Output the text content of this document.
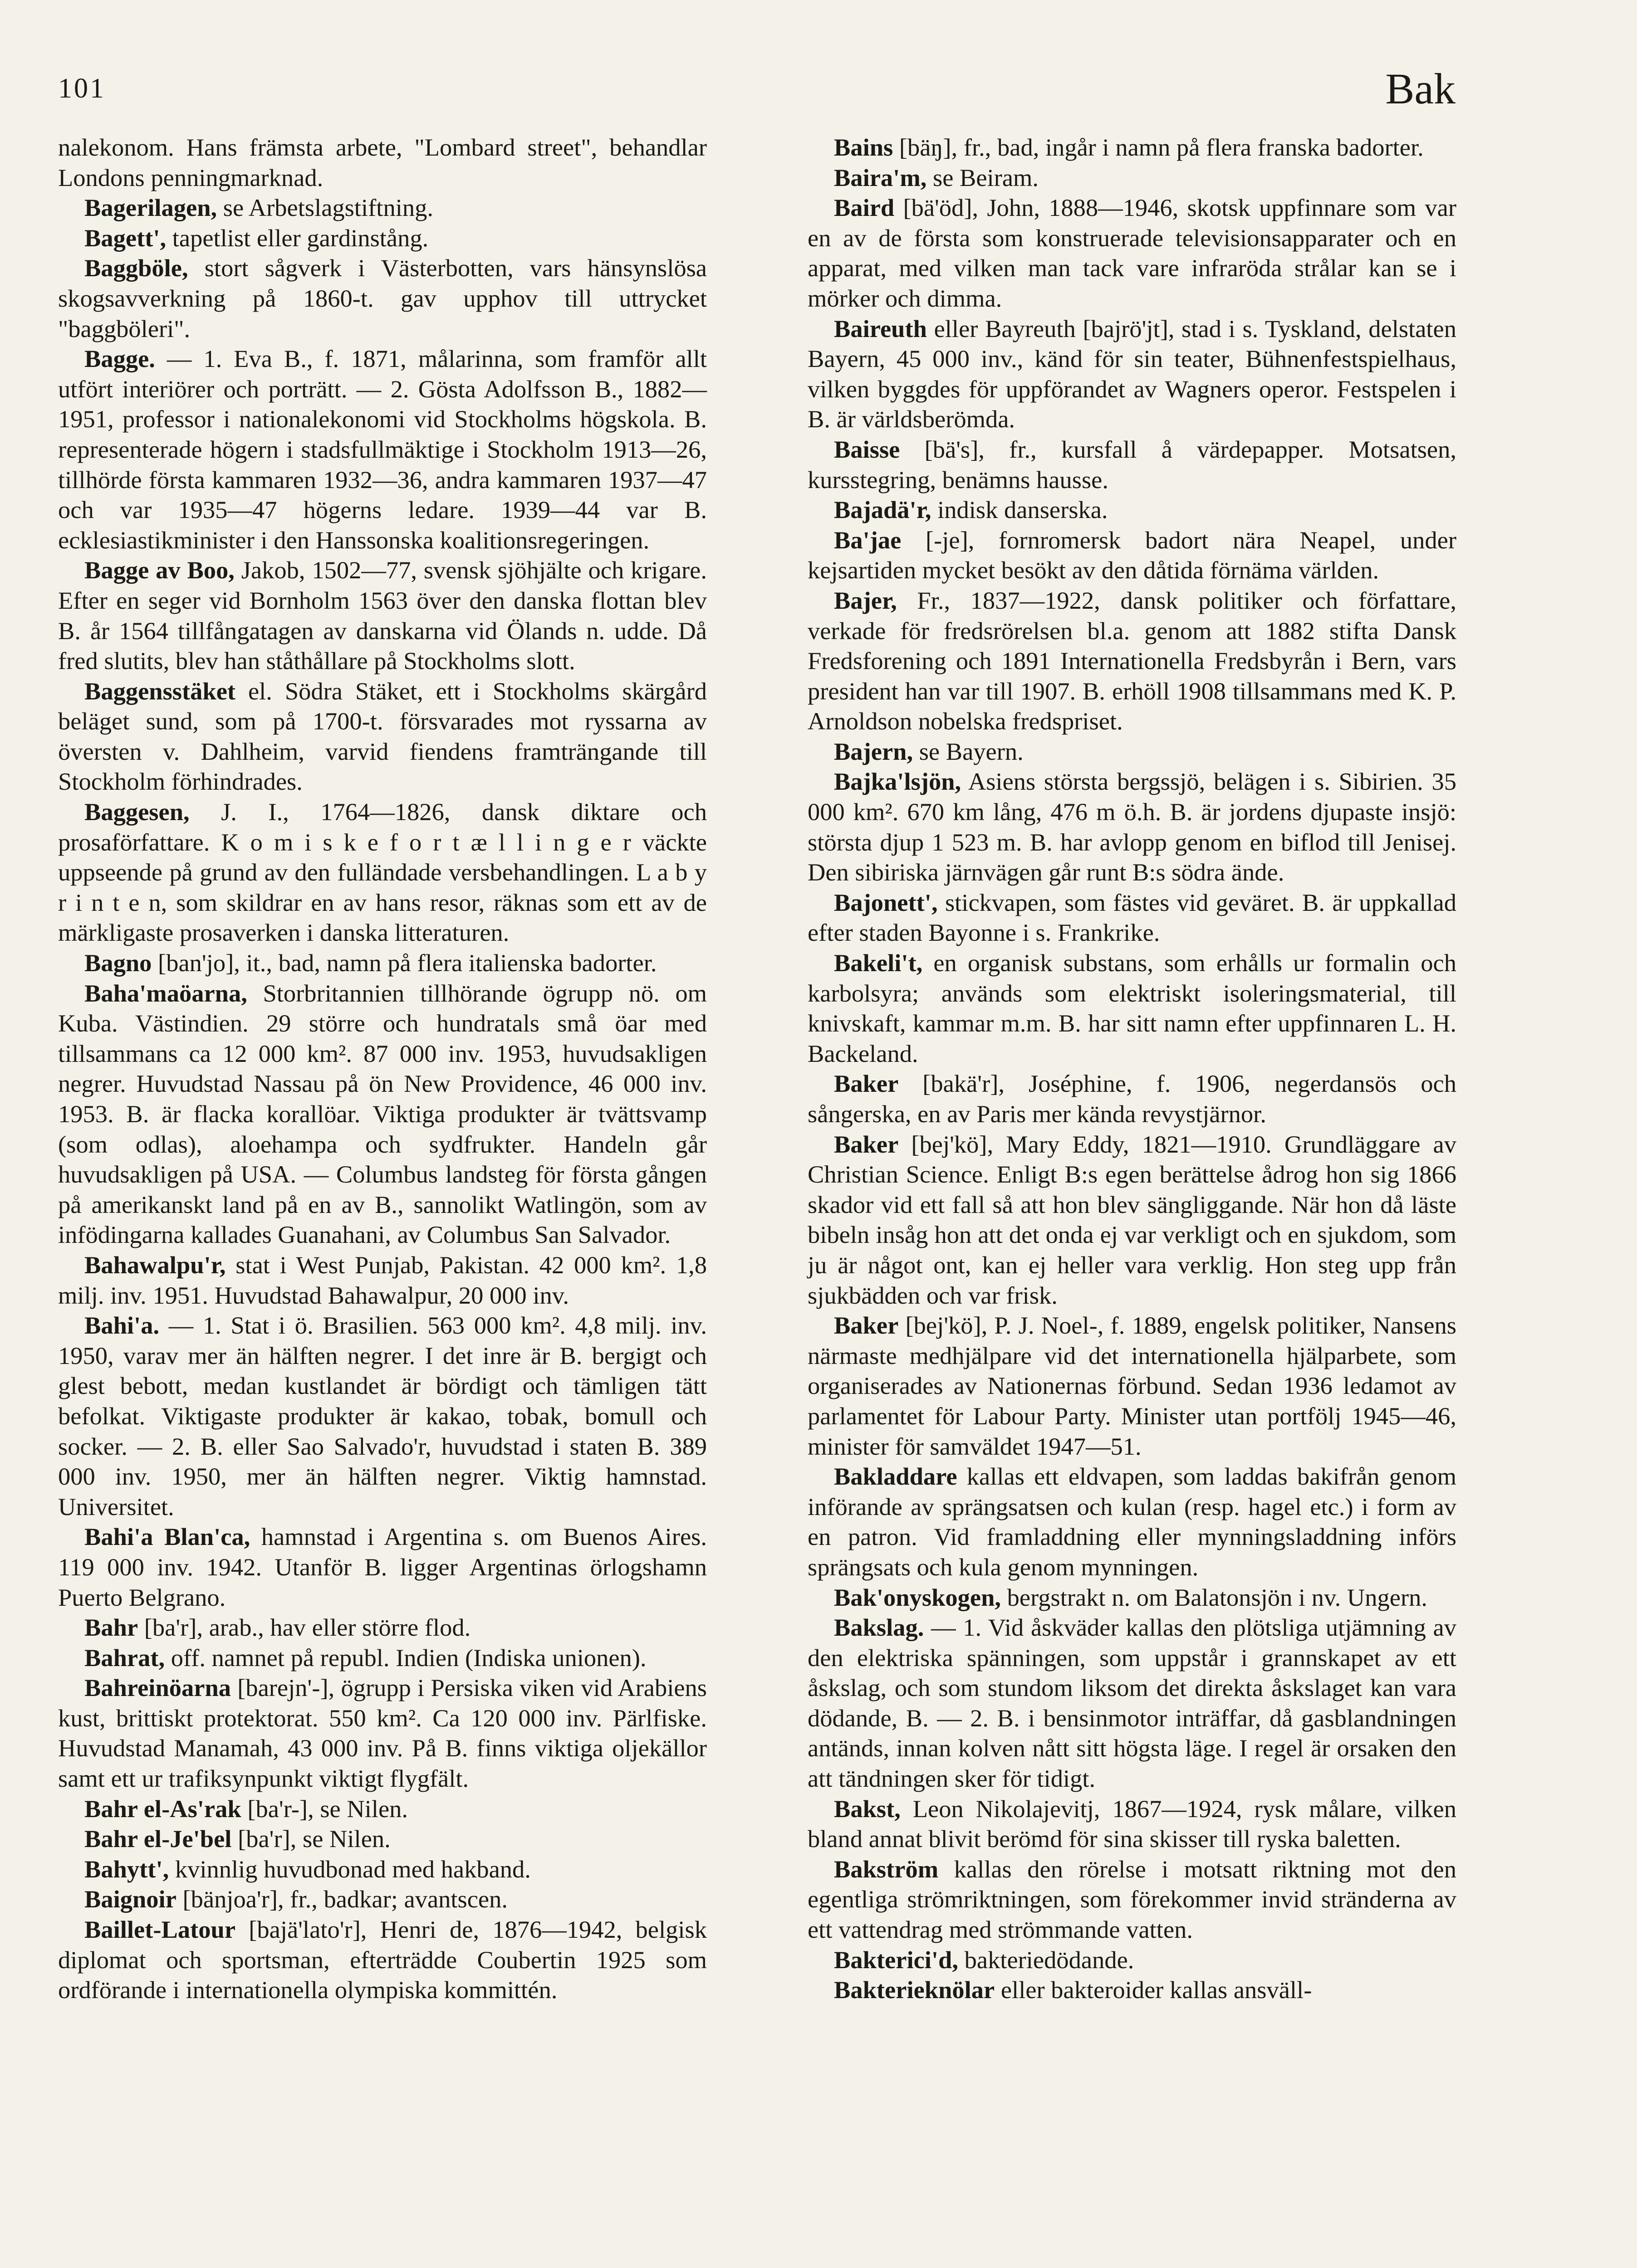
101	Bak

nalekonom. Hans främsta arbete, "Lombard street", behandlar Londons penningmarknad.

Bagerilagen, se Arbetslagstiftning.

Bagett', tapetlist eller gardinstång.

Baggböle, stort sågverk i Västerbotten, vars hänsynslösa skogsavverkning på 1860-t. gav upphov till uttrycket "baggböleri".

Bagge. — 1. Eva B., f. 1871, målarinna, som framför allt utfört interiörer och porträtt. — 2. Gösta Adolfsson B., 1882—1951, professor i nationalekonomi vid Stockholms högskola. B. representerade högern i stadsfullmäktige i Stockholm 1913—26, tillhörde första kammaren 1932—36, andra kammaren 1937—47 och var 1935—47 högerns ledare. 1939—44 var B. ecklesiastikminister i den Hanssonska koalitionsregeringen.

Bagge av Boo, Jakob, 1502—77, svensk sjöhjälte och krigare. Efter en seger vid Bornholm 1563 över den danska flottan blev B. år 1564 tillfångatagen av danskarna vid Ölands n. udde. Då fred slutits, blev han ståthållare på Stockholms slott.

Baggensstäket el. Södra Stäket, ett i Stockholms skärgård beläget sund, som på 1700-t. försvarades mot ryssarna av översten v. Dahlheim, varvid fiendens framträngande till Stockholm förhindrades.

Baggesen, J. I., 1764—1826, dansk diktare och prosaförfattare. K o m i s k e f o r t æ l l i n g e r väckte uppseende på grund av den fulländade versbehandlingen. L a b y r i n t e n, som skildrar en av hans resor, räknas som ett av de märkligaste prosaverken i danska litteraturen.

Bagno [ban'jo], it., bad, namn på flera italienska badorter.

Baha'maöarna, Storbritannien tillhörande ögrupp nö. om Kuba. Västindien. 29 större och hundratals små öar med tillsammans ca 12 000 km². 87 000 inv. 1953, huvudsakligen negrer. Huvudstad Nassau på ön New Providence, 46 000 inv. 1953. B. är flacka korallöar. Viktiga produkter är tvättsvamp (som odlas), aloehampa och sydfrukter. Handeln går huvudsakligen på USA. — Columbus landsteg för första gången på amerikanskt land på en av B., sannolikt Watlingön, som av infödingarna kallades Guanahani, av Columbus San Salvador.

Bahawalpu'r, stat i West Punjab, Pakistan. 42 000 km². 1,8 milj. inv. 1951. Huvudstad Bahawalpur, 20 000 inv.

Bahi'a. — 1. Stat i ö. Brasilien. 563 000 km². 4,8 milj. inv. 1950, varav mer än hälften negrer. I det inre är B. bergigt och glest bebott, medan kustlandet är bördigt och tämligen tätt befolkat. Viktigaste produkter är kakao, tobak, bomull och socker. — 2. B. eller Sao Salvado'r, huvudstad i staten B. 389 000 inv. 1950, mer än hälften negrer. Viktig hamnstad. Universitet.

Bahi'a Blan'ca, hamnstad i Argentina s. om Buenos Aires. 119 000 inv. 1942. Utanför B. ligger Argentinas örlogshamn Puerto Belgrano.

Bahr [ba'r], arab., hav eller större flod.

Bahrat, off. namnet på republ. Indien (Indiska unionen).

Bahreinöarna [barejn'-], ögrupp i Persiska viken vid Arabiens kust, brittiskt protektorat. 550 km². Ca 120 000 inv. Pärlfiske. Huvudstad Manamah, 43 000 inv. På B. finns viktiga oljekällor samt ett ur trafiksynpunkt viktigt flygfält.

Bahr el-As'rak [ba'r-], se Nilen.

Bahr el-Je'bel [ba'r], se Nilen.

Bahytt', kvinnlig huvudbonad med hakband.

Baignoir [bänjoa'r], fr., badkar; avantscen.

Baillet-Latour [bajä'lato'r], Henri de, 1876—1942, belgisk diplomat och sportsman, efterträdde Coubertin 1925 som ordförande i internationella olympiska kommittén.

Bains [bäŋ], fr., bad, ingår i namn på flera franska badorter.

Baira'm, se Beiram.

Baird [bä'öd], John, 1888—1946, skotsk uppfinnare som var en av de första som konstruerade televisionsapparater och en apparat, med vilken man tack vare infraröda strålar kan se i mörker och dimma.

Baireuth eller Bayreuth [bajrö'jt], stad i s. Tyskland, delstaten Bayern, 45 000 inv., känd för sin teater, Bühnenfestspielhaus, vilken byggdes för uppförandet av Wagners operor. Festspelen i B. är världsberömda.

Baisse [bä's], fr., kursfall å värdepapper. Motsatsen, kursstegring, benämns hausse.

Bajadä'r, indisk danserska.

Ba'jae [-je], fornromersk badort nära Neapel, under kejsartiden mycket besökt av den dåtida förnäma världen.

Bajer, Fr., 1837—1922, dansk politiker och författare, verkade för fredsrörelsen bl.a. genom att 1882 stifta Dansk Fredsforening och 1891 Internationella Fredsbyrån i Bern, vars president han var till 1907. B. erhöll 1908 tillsammans med K. P. Arnoldson nobelska fredspriset.

Bajern, se Bayern.

Bajka'lsjön, Asiens största bergssjö, belägen i s. Sibirien. 35 000 km². 670 km lång, 476 m ö.h. B. är jordens djupaste insjö: största djup 1 523 m. B. har avlopp genom en biflod till Jenisej. Den sibiriska järnvägen går runt B:s södra ände.

Bajonett', stickvapen, som fästes vid geväret. B. är uppkallad efter staden Bayonne i s. Frankrike.

Bakeli't, en organisk substans, som erhålls ur formalin och karbolsyra; används som elektriskt isoleringsmaterial, till knivskaft, kammar m.m. B. har sitt namn efter uppfinnaren L. H. Backeland.

Baker [bakä'r], Joséphine, f. 1906, negerdansös och sångerska, en av Paris mer kända revystjärnor.

Baker [bej'kö], Mary Eddy, 1821—1910. Grundläggare av Christian Science. Enligt B:s egen berättelse ådrog hon sig 1866 skador vid ett fall så att hon blev sängliggande. När hon då läste bibeln insåg hon att det onda ej var verkligt och en sjukdom, som ju är något ont, kan ej heller vara verklig. Hon steg upp från sjukbädden och var frisk.

Baker [bej'kö], P. J. Noel-, f. 1889, engelsk politiker, Nansens närmaste medhjälpare vid det internationella hjälparbete, som organiserades av Nationernas förbund. Sedan 1936 ledamot av parlamentet för Labour Party. Minister utan portfölj 1945—46, minister för samväldet 1947—51.

Bakladdare kallas ett eldvapen, som laddas bakifrån genom införande av sprängsatsen och kulan (resp. hagel etc.) i form av en patron. Vid framladdning eller mynningsladdning införs sprängsats och kula genom mynningen.

Bak'onyskogen, bergstrakt n. om Balatonsjön i nv. Ungern.

Bakslag. — 1. Vid åskväder kallas den plötsliga utjämning av den elektriska spänningen, som uppstår i grannskapet av ett åskslag, och som stundom liksom det direkta åskslaget kan vara dödande, B. — 2. B. i bensinmotor inträffar, då gasblandningen antänds, innan kolven nått sitt högsta läge. I regel är orsaken den att tändningen sker för tidigt.

Bakst, Leon Nikolajevitj, 1867—1924, rysk målare, vilken bland annat blivit berömd för sina skisser till ryska baletten.

Bakström kallas den rörelse i motsatt riktning mot den egentliga strömriktningen, som förekommer invid stränderna av ett vattendrag med strömmande vatten.

Bakterici'd, bakteriedödande.

Bakterieknölar eller bakteroider kallas ansväll-
